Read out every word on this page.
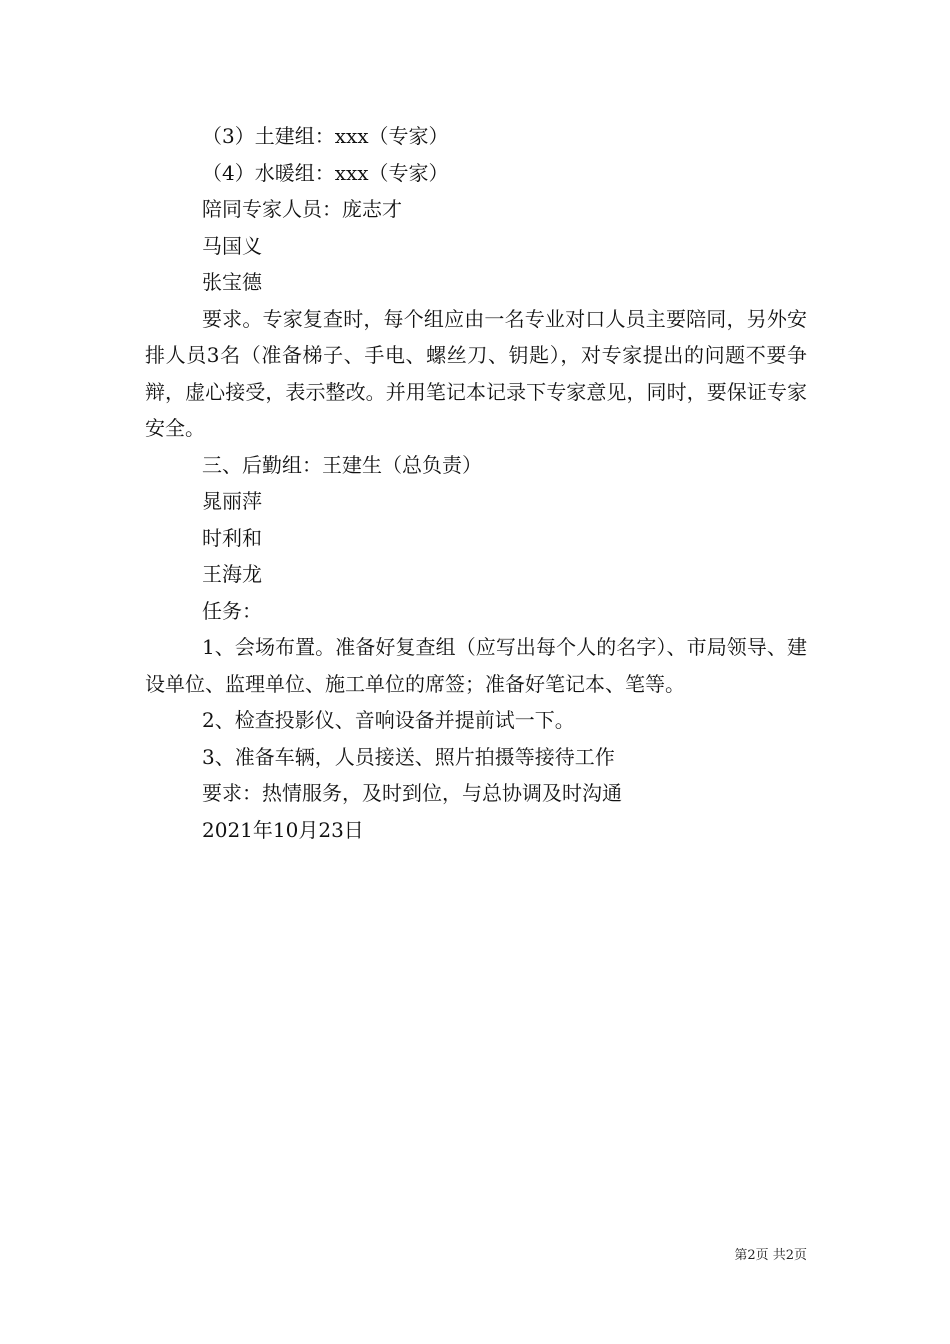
（3）土建组：xxx（专家）
（4）水暖组：xxx（专家）
陪同专家人员：庞志才
马国义
张宝德
要求。专家复查时，每个组应由一名专业对口人员主要陪同，另外安排人员3名（准备梯子、手电、螺丝刀、钥匙），对专家提出的问题不要争辩，虚心接受，表示整改。并用笔记本记录下专家意见，同时，要保证专家安全。
三、后勤组：王建生（总负责）
晁丽萍
时利和
王海龙
任务：
1、会场布置。准备好复查组（应写出每个人的名字）、市局领导、建设单位、监理单位、施工单位的席签；准备好笔记本、笔等。
2、检查投影仪、音响设备并提前试一下。
3、准备车辆，人员接送、照片拍摄等接待工作
要求：热情服务，及时到位，与总协调及时沟通
2021年10月23日
第2页 共2页
